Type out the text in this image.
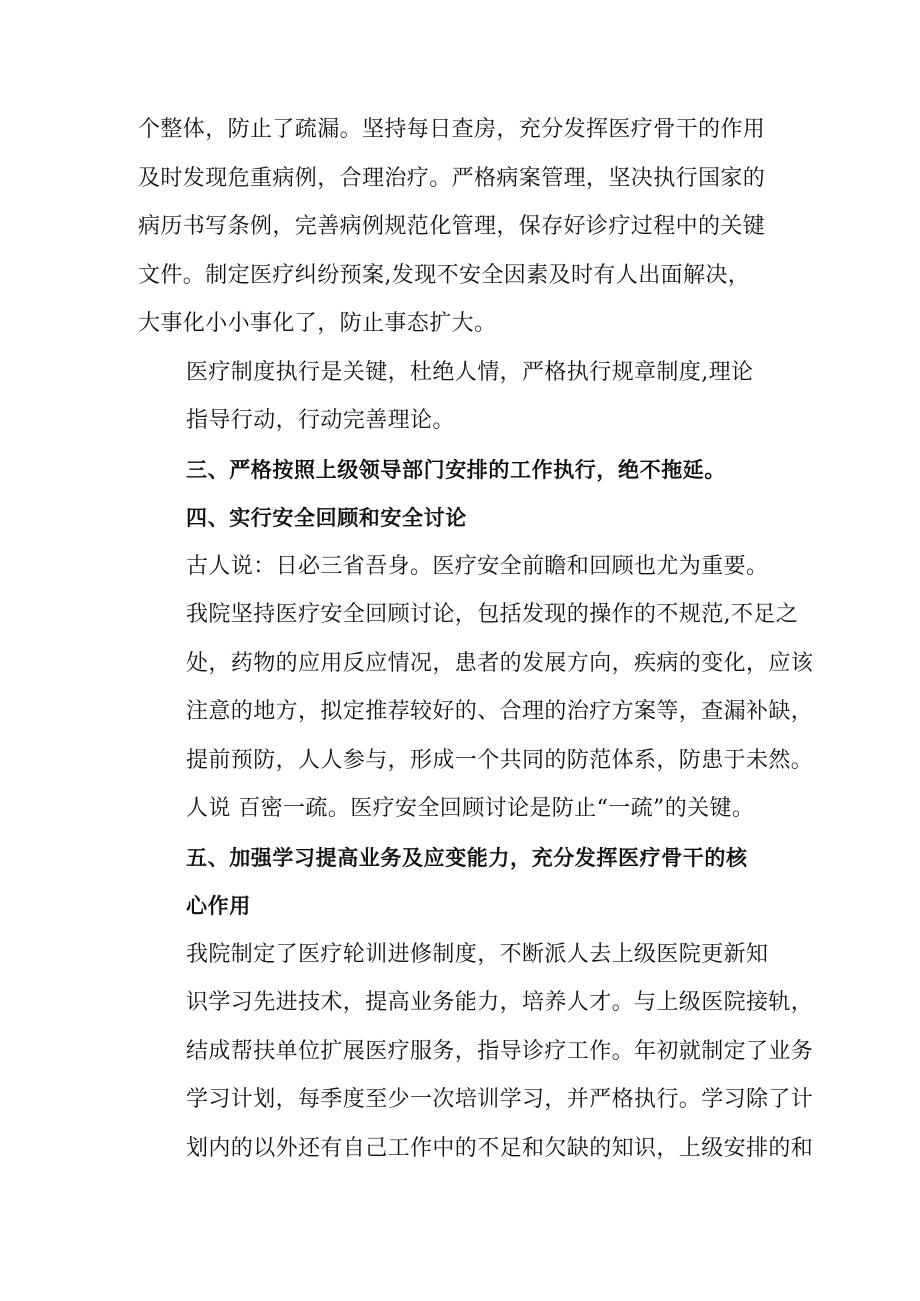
个整体，防止了疏漏。坚持每日查房，充分发挥医疗骨干的作用
及时发现危重病例，合理治疗。严格病案管理，坚决执行国家的
病历书写条例，完善病例规范化管理，保存好诊疗过程中的关键
文件。制定医疗纠纷预案,发现不安全因素及时有人出面解决，
大事化小小事化了，防止事态扩大。

医疗制度执行是关键，杜绝人情，严格执行规章制度,理论
指导行动，行动完善理论。

三、严格按照上级领导部门安排的工作执行，绝不拖延。

四、实行安全回顾和安全讨论

古人说：日必三省吾身。医疗安全前瞻和回顾也尤为重要。
我院坚持医疗安全回顾讨论，包括发现的操作的不规范,不足之
处，药物的应用反应情况，患者的发展方向，疾病的变化，应该
注意的地方，拟定推荐较好的、合理的治疗方案等，查漏补缺，
提前预防，人人参与，形成一个共同的防范体系，防患于未然。

人说 百密一疏。医疗安全回顾讨论是防止“一疏”的关键。

五、加强学习提高业务及应变能力，充分发挥医疗骨干的核
心作用

我院制定了医疗轮训进修制度，不断派人去上级医院更新知
识学习先进技术，提高业务能力，培养人才。与上级医院接轨，
结成帮扶单位扩展医疗服务，指导诊疗工作。年初就制定了业务
学习计划，每季度至少一次培训学习，并严格执行。学习除了计
划内的以外还有自己工作中的不足和欠缺的知识，上级安排的和
